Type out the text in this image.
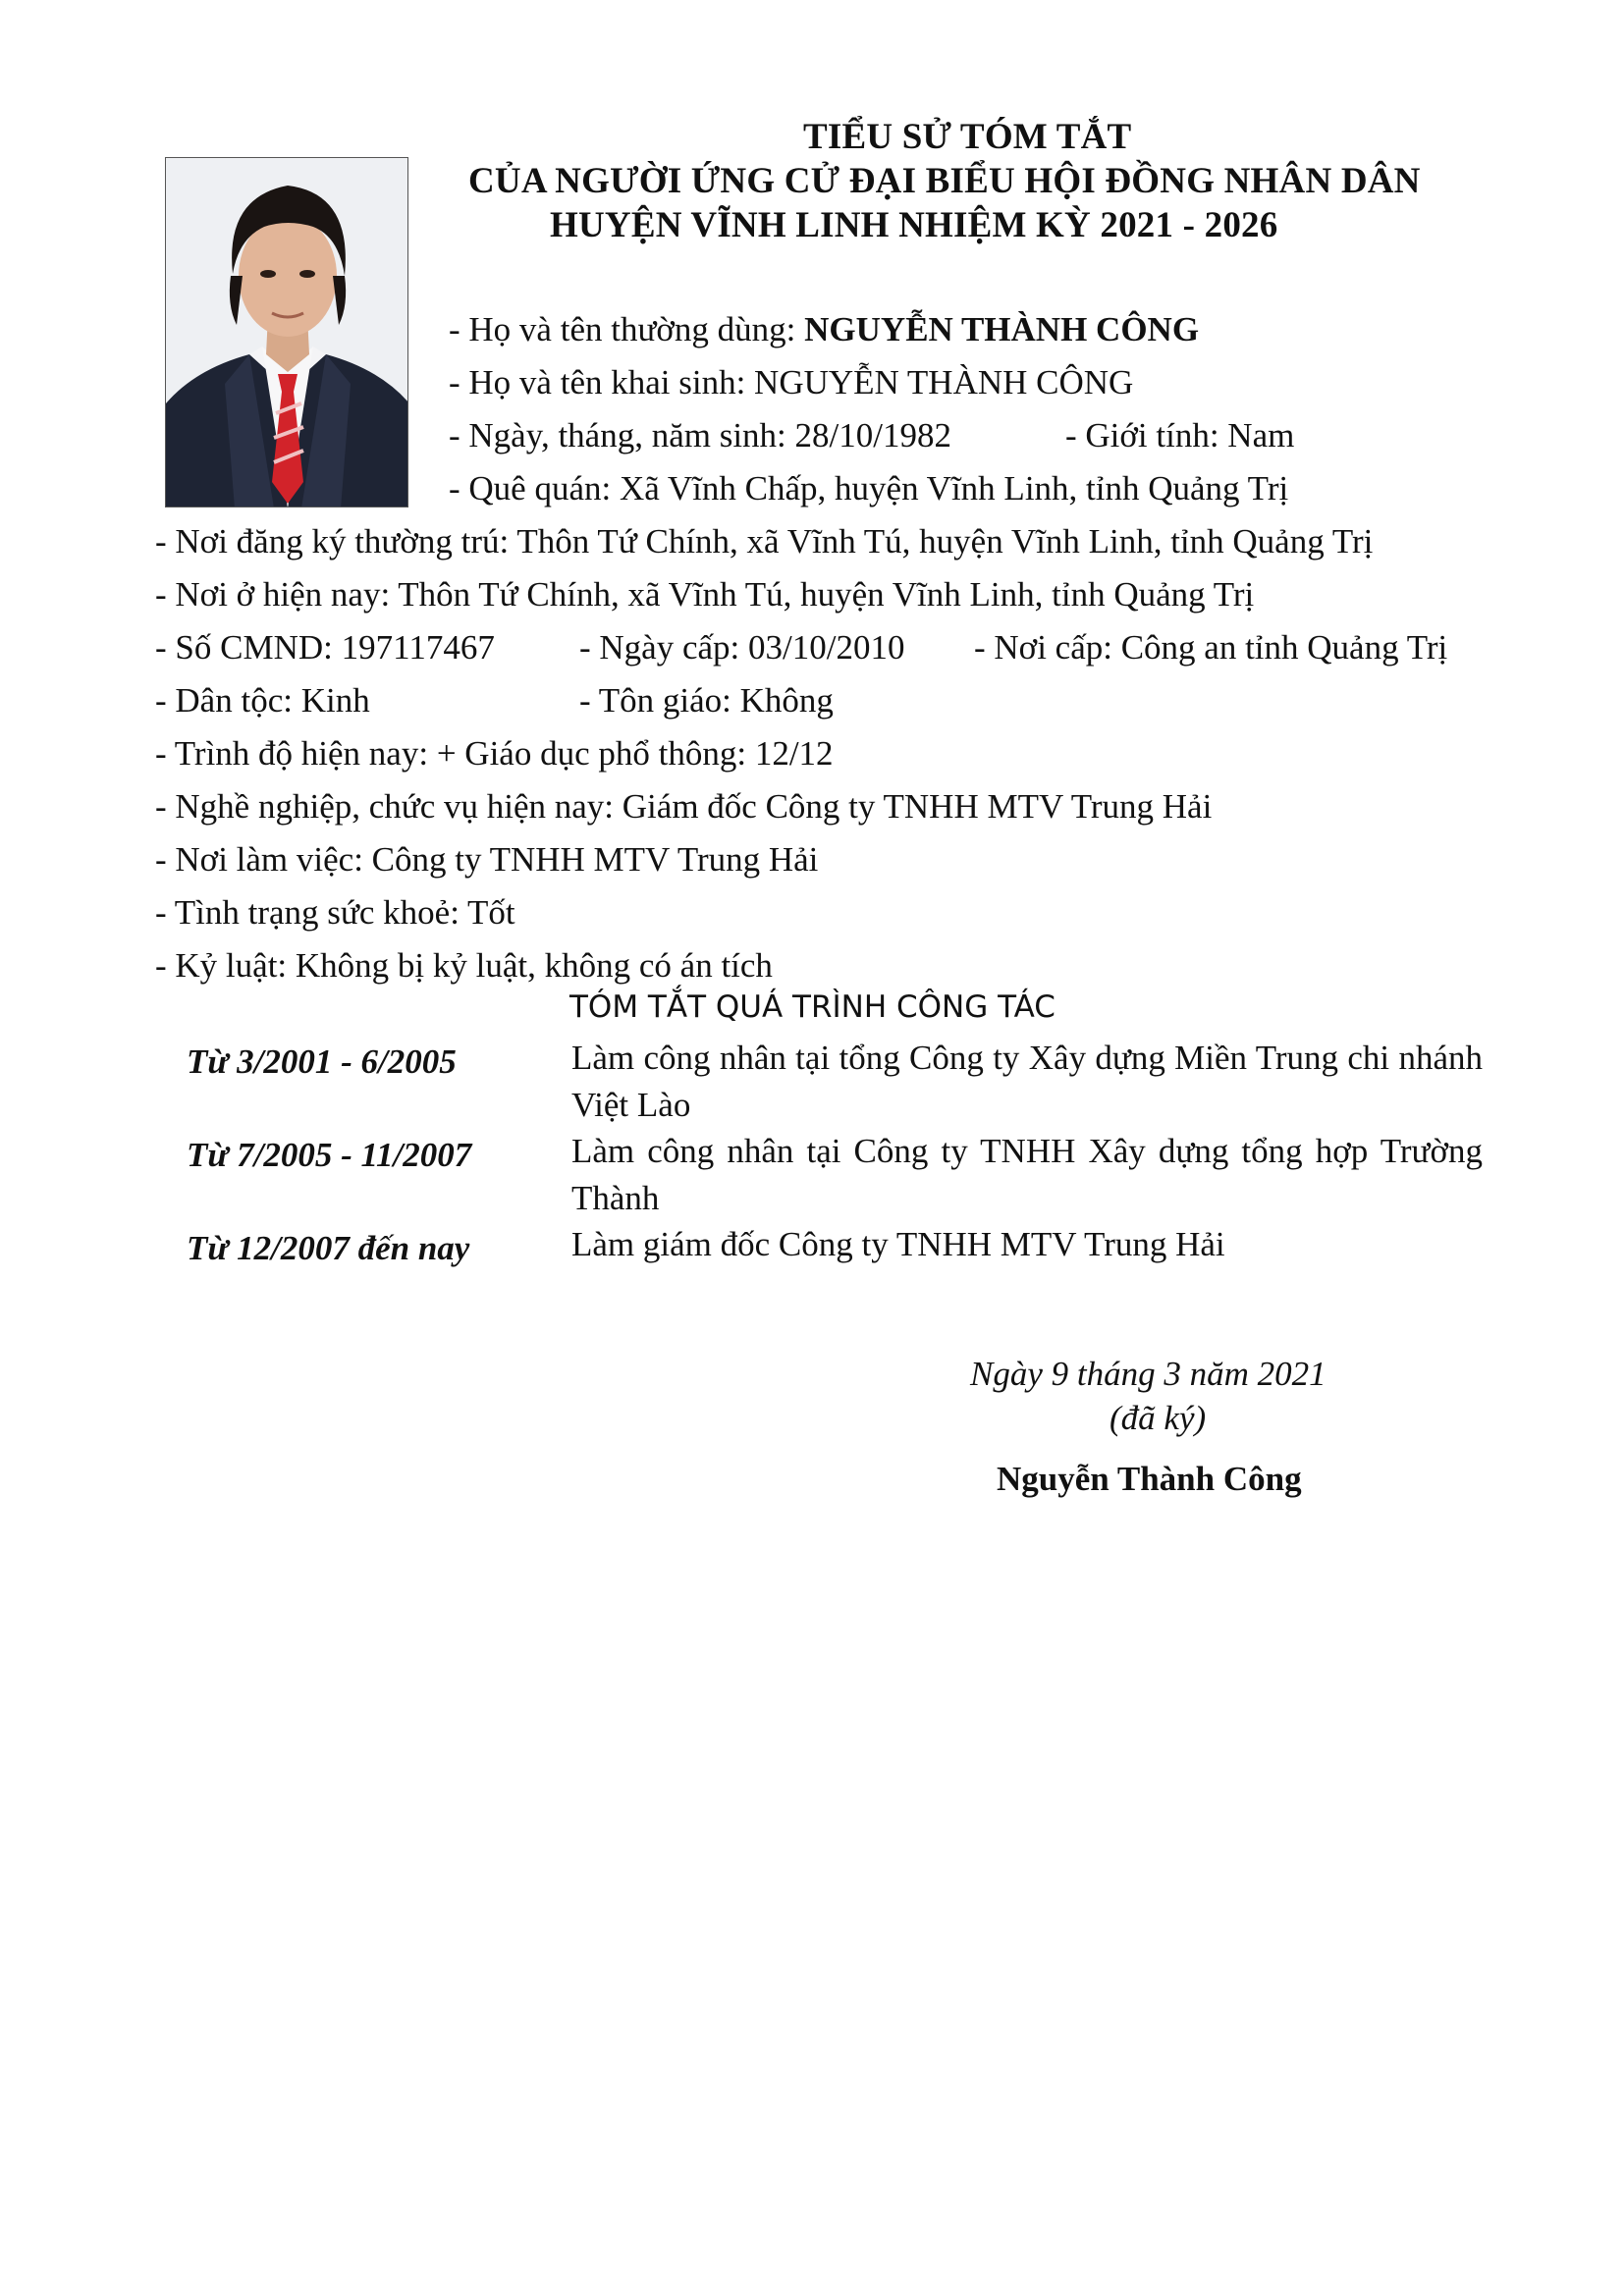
TIỂU SỬ TÓM TẮT
CỦA NGƯỜI ỨNG CỬ ĐẠI BIỂU HỘI ĐỒNG NHÂN DÂN
HUYỆN VĨNH LINH NHIỆM KỲ 2021 - 2026
- Họ và tên thường dùng: NGUYỄN THÀNH CÔNG
- Họ và tên khai sinh: NGUYỄN THÀNH CÔNG
- Ngày, tháng, năm sinh: 28/10/1982	- Giới tính: Nam
- Quê quán: Xã Vĩnh Chấp, huyện Vĩnh Linh, tỉnh Quảng Trị
- Nơi đăng ký thường trú: Thôn Tứ Chính, xã Vĩnh Tú, huyện Vĩnh Linh, tỉnh Quảng Trị
- Nơi ở hiện nay: Thôn Tứ Chính, xã Vĩnh Tú, huyện Vĩnh Linh, tỉnh Quảng Trị
- Số CMND: 197117467 - Ngày cấp: 03/10/2010 - Nơi cấp: Công an tỉnh Quảng Trị
- Dân tộc: Kinh	- Tôn giáo: Không
- Trình độ hiện nay: + Giáo dục phổ thông: 12/12
- Nghề nghiệp, chức vụ hiện nay: Giám đốc Công ty TNHH MTV Trung Hải
- Nơi làm việc: Công ty TNHH MTV Trung Hải
- Tình trạng sức khoẻ: Tốt
- Kỷ luật: Không bị kỷ luật, không có án tích
TÓM TẮT QUÁ TRÌNH CÔNG TÁC
Từ 3/2001 - 6/2005	Làm công nhân tại tổng Công ty Xây dựng Miền Trung chi nhánh Việt Lào
Từ 7/2005 - 11/2007	Làm công nhân tại Công ty TNHH Xây dựng tổng hợp Trường Thành
Từ 12/2007 đến nay	Làm giám đốc Công ty TNHH MTV Trung Hải
Ngày 9 tháng 3 năm 2021
(đã ký)
Nguyễn Thành Công
